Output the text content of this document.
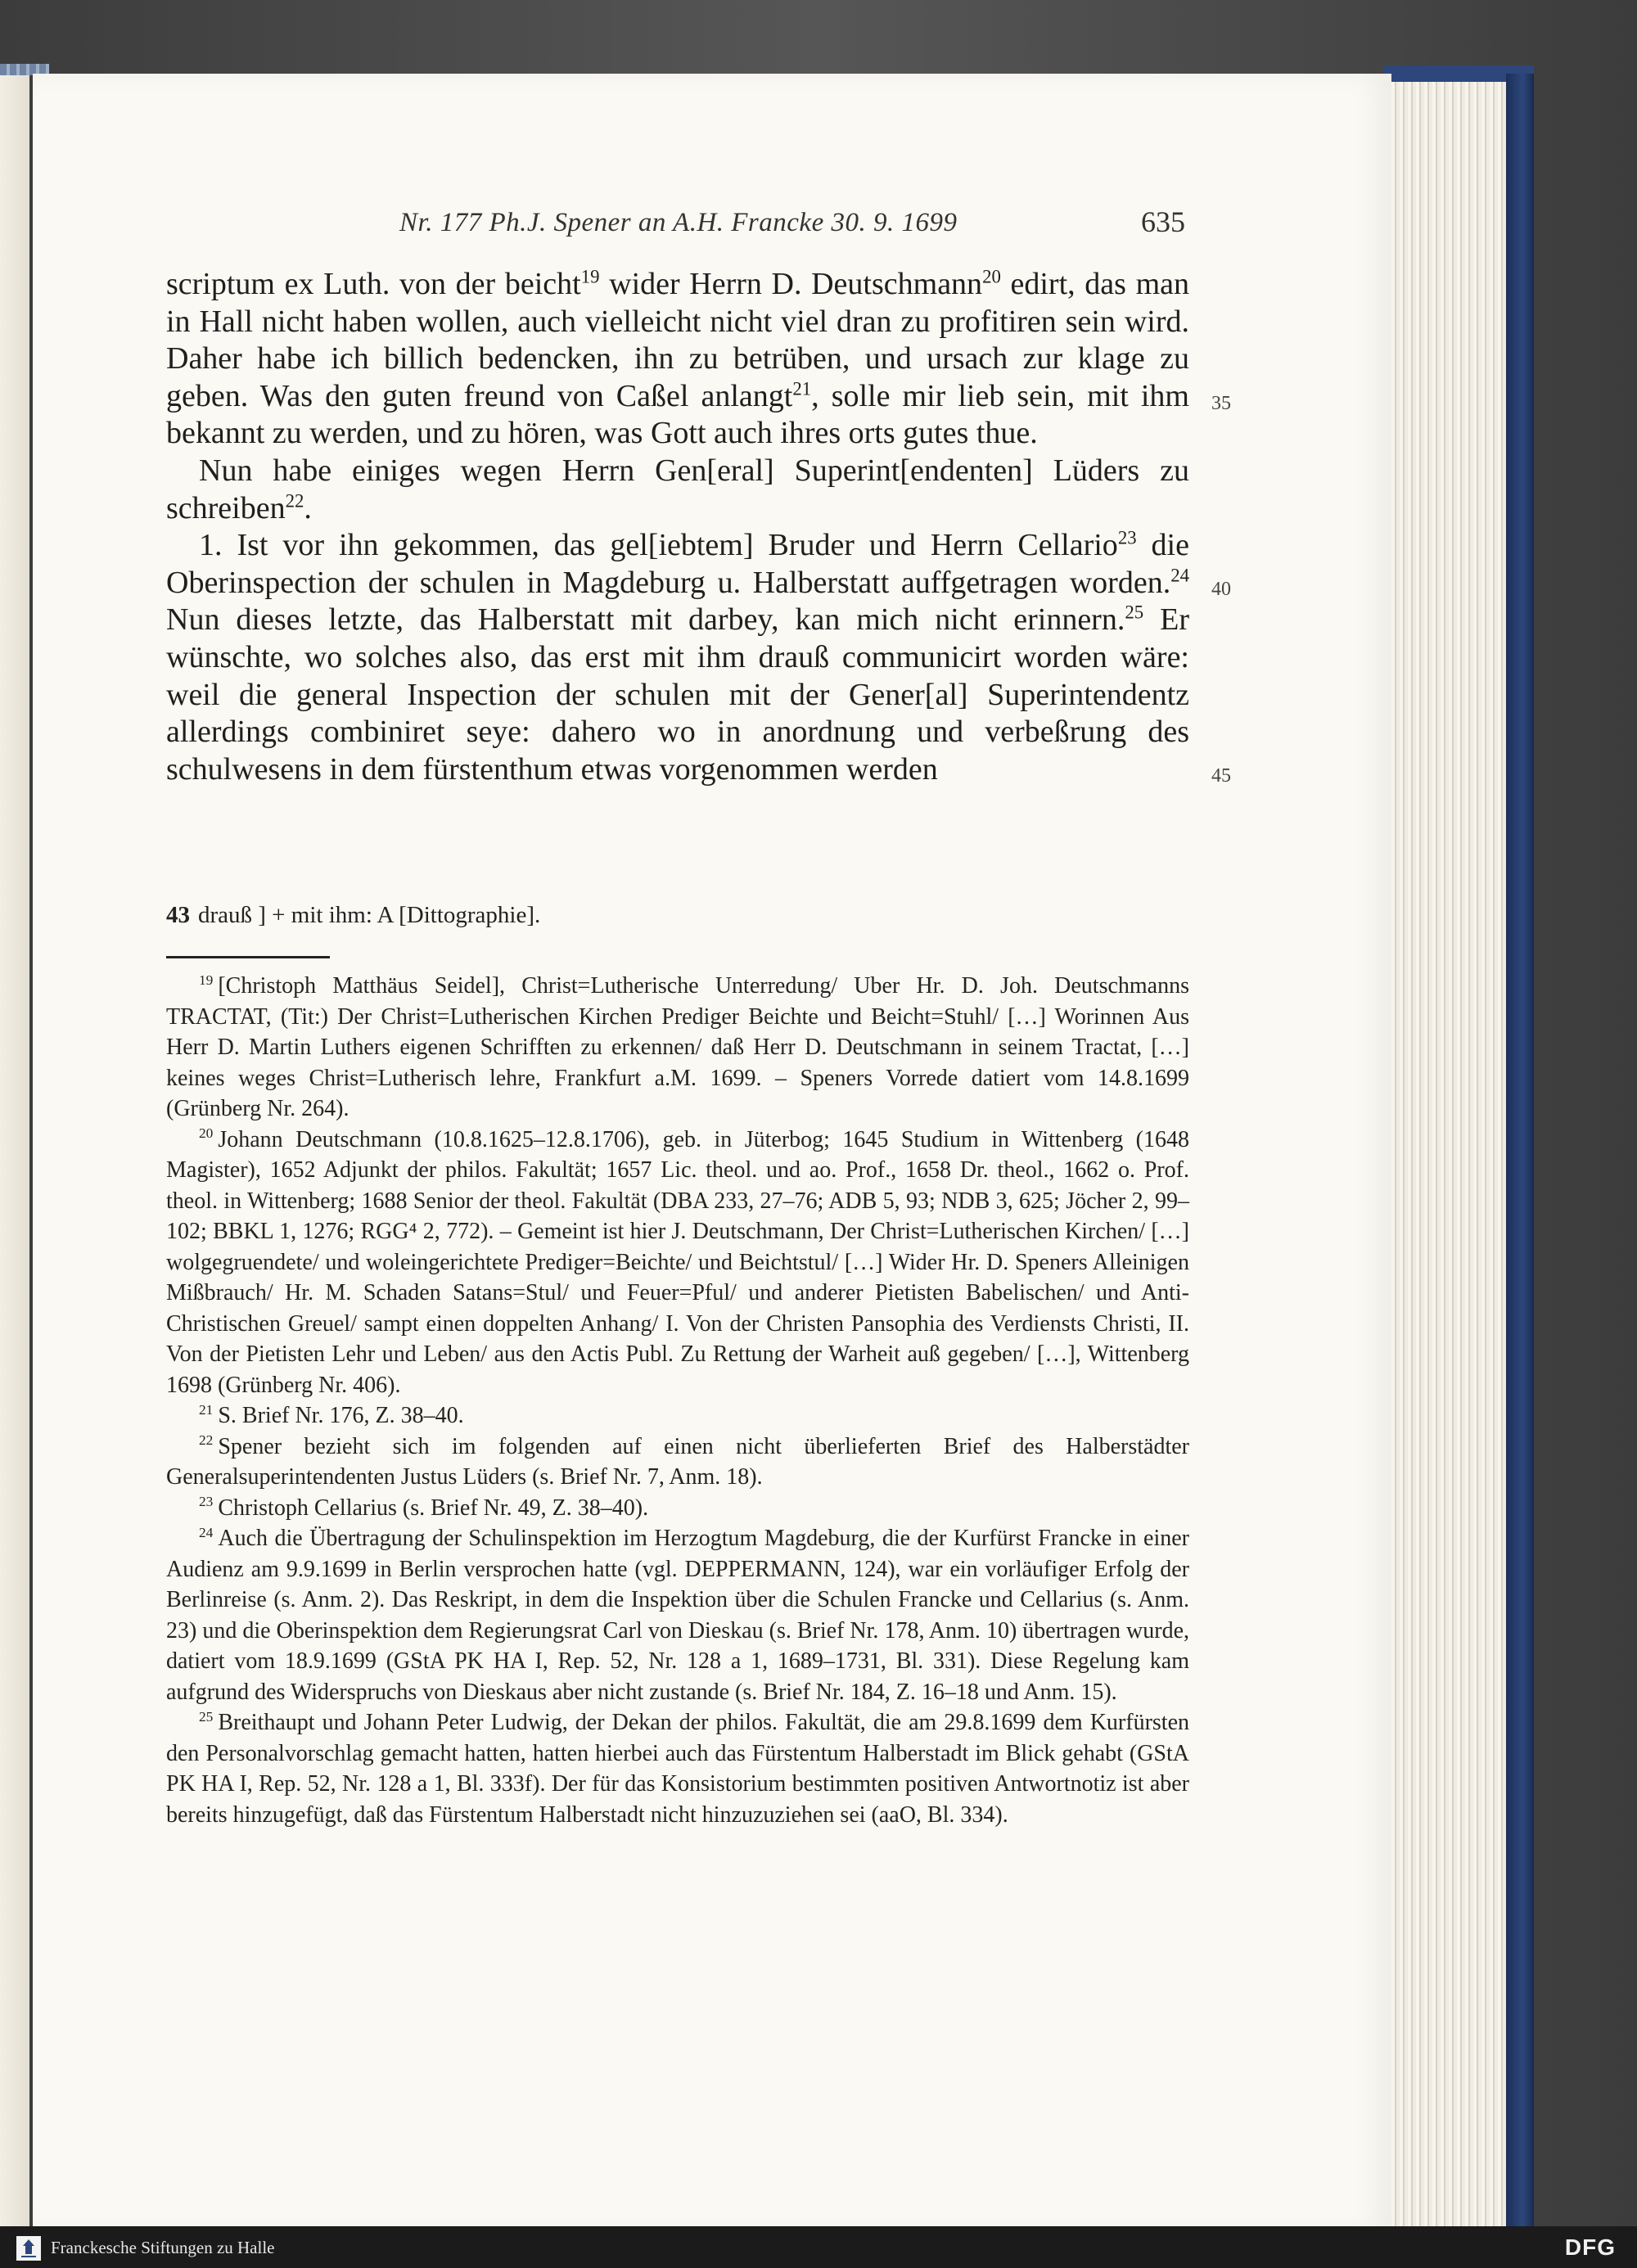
Nr. 177 Ph.J. Spener an A.H. Francke 30. 9. 1699	635

scriptum ex Luth. von der beicht$^{19}$ wider Herrn D. Deutschmann$^{20}$ edirt, das man in Hall nicht haben wollen, auch vielleicht nicht viel dran zu profitiren sein wird. Daher habe ich billich bedencken, ihn zu betrüben, und ursach zur klage zu geben. Was den guten freund von Caßel anlangt$^{21}$, solle mir lieb sein, mit ihm bekannt zu werden, und zu hören, was Gott auch ihres orts gutes thue.

Nun habe einiges wegen Herrn Gen[eral] Superint[endenten] Lüders zu schreiben$^{22}$.

1. Ist vor ihn gekommen, das gel[iebtem] Bruder und Herrn Cellario$^{23}$ die Oberinspection der schulen in Magdeburg u. Halberstatt auffgetragen worden.$^{24}$ Nun dieses letzte, das Halberstatt mit darbey, kan mich nicht erinnern.$^{25}$ Er wünschte, wo solches also, das erst mit ihm drauß communicirt worden wäre: weil die general Inspection der schulen mit der Gener[al] Superintendentz allerdings combiniret seye: dahero wo in anordnung und verbeßrung des schulwesens in dem fürstenthum etwas vorgenommen werden

35
40
45
43 drauß ] + mit ihm: A [Dittographie].

$^{19}$ [Christoph Matthäus Seidel], Christ=Lutherische Unterredung/ Uber Hr. D. Joh. Deutschmanns TRACTAT, (Tit:) Der Christ=Lutherischen Kirchen Prediger Beichte und Beicht=Stuhl/ […] Worinnen Aus Herr D. Martin Luthers eigenen Schrifften zu erkennen/ daß Herr D. Deutschmann in seinem Tractat, […] keines weges Christ=Lutherisch lehre, Frankfurt a.M. 1699. – Speners Vorrede datiert vom 14.8.1699 (Grünberg Nr. 264).

$^{20}$ Johann Deutschmann (10.8.1625–12.8.1706), geb. in Jüterbog; 1645 Studium in Wittenberg (1648 Magister), 1652 Adjunkt der philos. Fakultät; 1657 Lic. theol. und ao. Prof., 1658 Dr. theol., 1662 o. Prof. theol. in Wittenberg; 1688 Senior der theol. Fakultät (DBA 233, 27–76; ADB 5, 93; NDB 3, 625; Jöcher 2, 99–102; BBKL 1, 1276; RGG⁴ 2, 772). – Gemeint ist hier J. Deutschmann, Der Christ=Lutherischen Kirchen/ […] wolgegruendete/ und woleingerichtete Prediger=Beichte/ und Beichtstul/ […] Wider Hr. D. Speners Alleinigen Mißbrauch/ Hr. M. Schaden Satans=Stul/ und Feuer=Pful/ und anderer Pietisten Babelischen/ und Anti-Christischen Greuel/ sampt einen doppelten Anhang/ I. Von der Christen Pansophia des Verdiensts Christi, II. Von der Pietisten Lehr und Leben/ aus den Actis Publ. Zu Rettung der Warheit auß gegeben/ […], Wittenberg 1698 (Grünberg Nr. 406).

$^{21}$ S. Brief Nr. 176, Z. 38–40.

$^{22}$ Spener bezieht sich im folgenden auf einen nicht überlieferten Brief des Halberstädter Generalsuperintendenten Justus Lüders (s. Brief Nr. 7, Anm. 18).

$^{23}$ Christoph Cellarius (s. Brief Nr. 49, Z. 38–40).

$^{24}$ Auch die Übertragung der Schulinspektion im Herzogtum Magdeburg, die der Kurfürst Francke in einer Audienz am 9.9.1699 in Berlin versprochen hatte (vgl. DEPPERMANN, 124), war ein vorläufiger Erfolg der Berlinreise (s. Anm. 2). Das Reskript, in dem die Inspektion über die Schulen Francke und Cellarius (s. Anm. 23) und die Oberinspektion dem Regierungsrat Carl von Dieskau (s. Brief Nr. 178, Anm. 10) übertragen wurde, datiert vom 18.9.1699 (GStA PK HA I, Rep. 52, Nr. 128 a 1, 1689–1731, Bl. 331). Diese Regelung kam aufgrund des Widerspruchs von Dieskaus aber nicht zustande (s. Brief Nr. 184, Z. 16–18 und Anm. 15).

$^{25}$ Breithaupt und Johann Peter Ludwig, der Dekan der philos. Fakultät, die am 29.8.1699 dem Kurfürsten den Personalvorschlag gemacht hatten, hatten hierbei auch das Fürstentum Halberstadt im Blick gehabt (GStA PK HA I, Rep. 52, Nr. 128 a 1, Bl. 333f). Der für das Konsistorium bestimmten positiven Antwortnotiz ist aber bereits hinzugefügt, daß das Fürstentum Halberstadt nicht hinzuzuziehen sei (aaO, Bl. 334).

Franckesche Stiftungen zu Halle	DFG
